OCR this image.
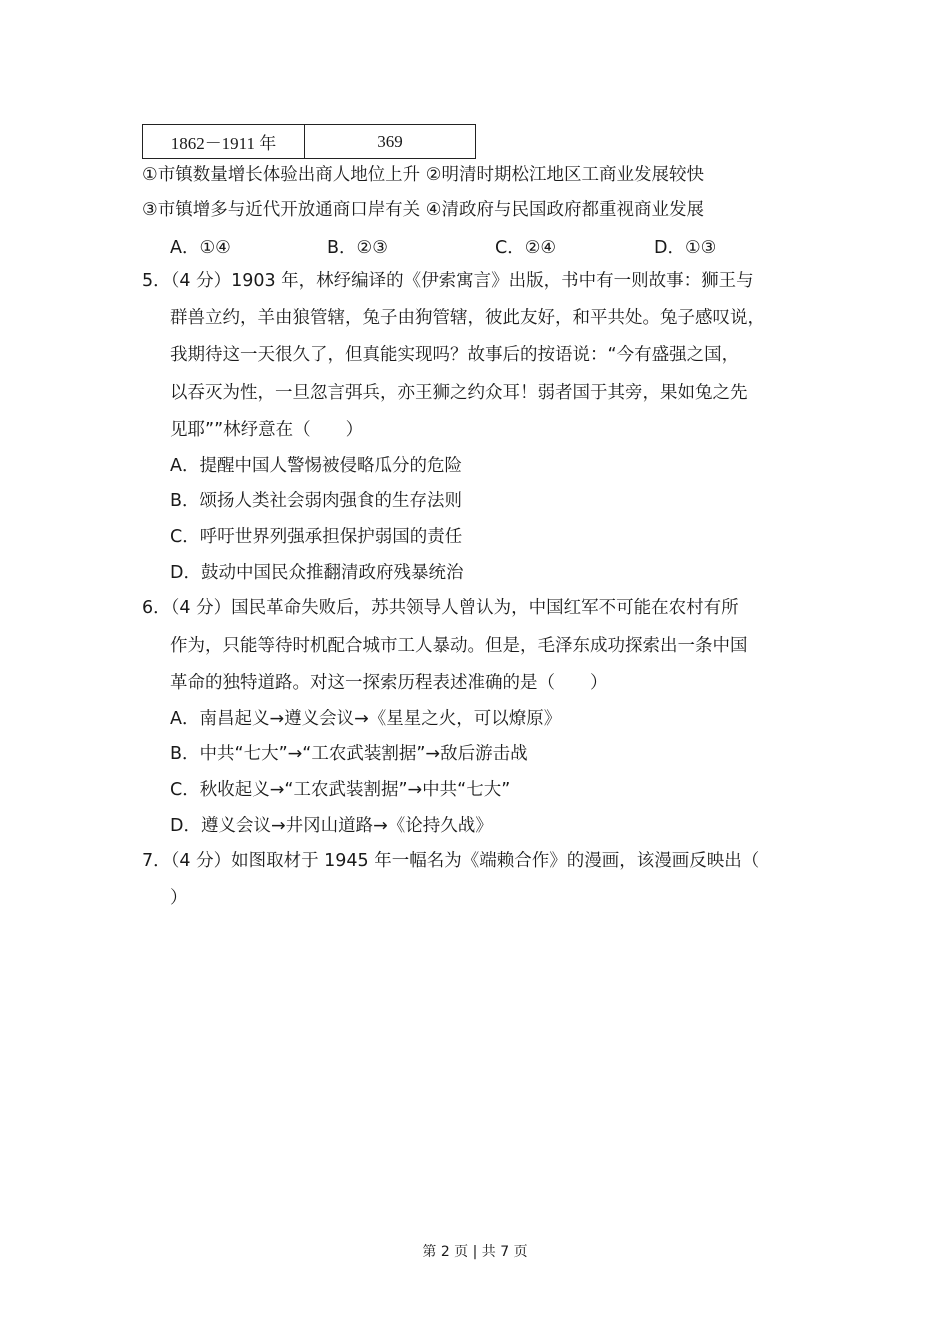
1862－1911 年	369
①市镇数量增长体验出商人地位上升 ②明清时期松江地区工商业发展较快
③市镇增多与近代开放通商口岸有关 ④清政府与民国政府都重视商业发展
A．①④	B．②③	C．②④	D．①③
5．（4 分）1903 年，林纾编译的《伊索寓言》出版，书中有一则故事：狮王与
群兽立约，羊由狼管辖，兔子由狗管辖，彼此友好，和平共处。兔子感叹说，
我期待这一天很久了，但真能实现吗？故事后的按语说：“今有盛强之国，
以吞灭为性，一旦忽言弭兵，亦王狮之约众耳！弱者国于其旁，果如兔之先
见耶””林纾意在（　　）
A．提醒中国人警惕被侵略瓜分的危险
B．颂扬人类社会弱肉强食的生存法则
C．呼吁世界列强承担保护弱国的责任
D．鼓动中国民众推翻清政府残暴统治
6．（4 分）国民革命失败后，苏共领导人曾认为，中国红军不可能在农村有所
作为，只能等待时机配合城市工人暴动。但是，毛泽东成功探索出一条中国
革命的独特道路。对这一探索历程表述准确的是（　　）
A．南昌起义→遵义会议→《星星之火，可以燎原》
B．中共“七大”→“工农武装割据”→敌后游击战
C．秋收起义→“工农武装割据”→中共“七大”
D．遵义会议→井冈山道路→《论持久战》
7．（4 分）如图取材于 1945 年一幅名为《端赖合作》的漫画，该漫画反映出（
）
第 2 页 | 共 7 页
